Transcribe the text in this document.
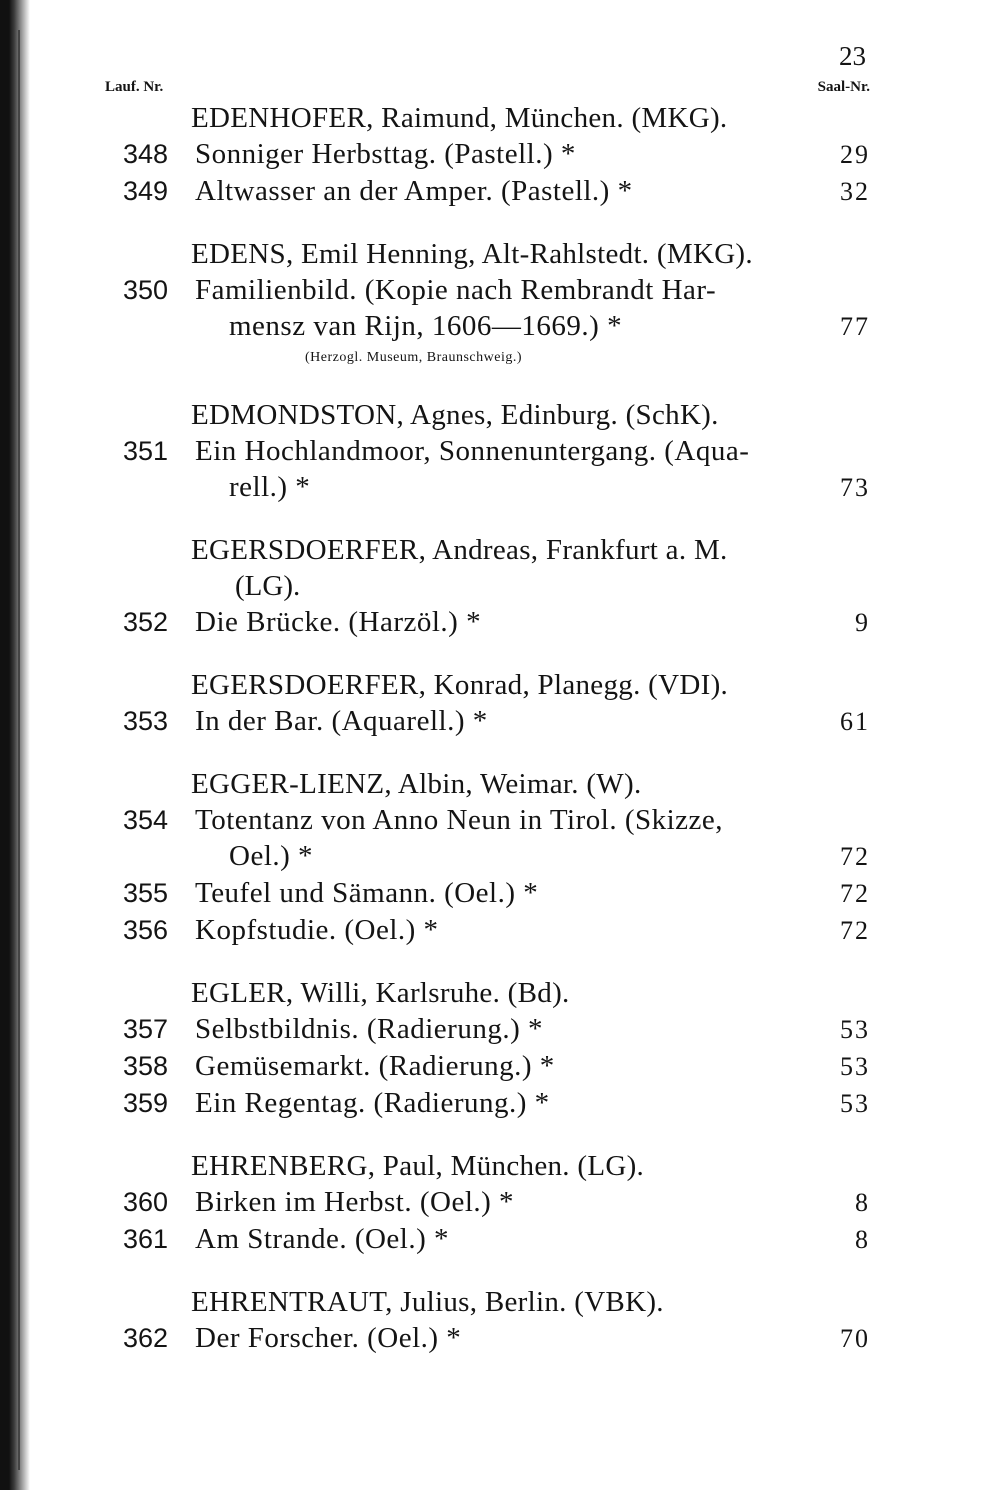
23
Lauf. Nr.	Saal-Nr.
EDENHOFER, Raimund, München. (MKG).
348 Sonniger Herbsttag. (Pastell.) *	29
349 Altwasser an der Amper. (Pastell.) *	32
EDENS, Emil Henning, Alt-Rahlstedt. (MKG).
350 Familienbild. (Kopie nach Rembrandt Har-
mensz van Rijn, 1606—1669.) *	77
(Herzogl. Museum, Braunschweig.)
EDMONDSTON, Agnes, Edinburg. (SchK).
351 Ein Hochlandmoor, Sonnenuntergang. (Aqua-
rell.) *	73
EGERSDOERFER, Andreas, Frankfurt a. M.
(LG).
352 Die Brücke. (Harzöl.) *	9
EGERSDOERFER, Konrad, Planegg. (VDI).
353 In der Bar. (Aquarell.) *	61
EGGER-LIENZ, Albin, Weimar. (W).
354 Totentanz von Anno Neun in Tirol. (Skizze,
Oel.) *	72
355 Teufel und Sämann. (Oel.) *	72
356 Kopfstudie. (Oel.) *	72
EGLER, Willi, Karlsruhe. (Bd).
357 Selbstbildnis. (Radierung.) *	53
358 Gemüsemarkt. (Radierung.) *	53
359 Ein Regentag. (Radierung.) *	53
EHRENBERG, Paul, München. (LG).
360 Birken im Herbst. (Oel.) *	8
361 Am Strande. (Oel.) *	8
EHRENTRAUT, Julius, Berlin. (VBK).
362 Der Forscher. (Oel.) *	70
